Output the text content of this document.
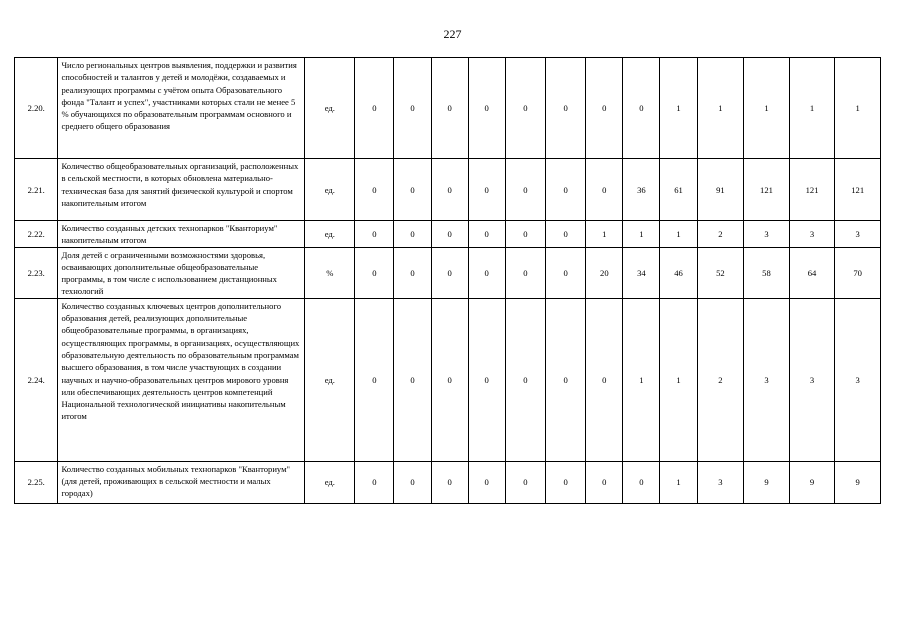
227
2.20.	Число региональных центров выявления, поддержки и развития способностей и талантов у детей и молодёжи, создаваемых и реализующих программы с учётом опыта Образовательного фонда "Талант и успех", участниками которых стали не менее 5 % обучающихся по образовательным программам основного и среднего общего образования	ед.	0	0	0	0	0	0	0	0	1	1	1	1	1
2.21.	Количество общеобразовательных организаций, расположенных в сельской местности, в которых обновлена материально-техническая база для занятий физической культурой и спортом накопительным итогом	ед.	0	0	0	0	0	0	0	36	61	91	121	121	121
2.22.	Количество созданных детских технопарков "Кванториум" накопительным итогом	ед.	0	0	0	0	0	0	1	1	1	2	3	3	3
2.23.	Доля детей с ограниченными возможностями здоровья, осваивающих дополнительные общеобразовательные программы, в том числе с использованием дистанционных технологий	%	0	0	0	0	0	0	20	34	46	52	58	64	70
2.24.	Количество созданных ключевых центров дополнительного образования детей, реализующих дополнительные общеобразовательные программы, в организациях, осуществляющих программы, в организациях, осуществляющих образовательную деятельность по образовательным программам высшего образования, в том числе участвующих в создании научных и научно-образовательных центров мирового уровня или обеспечивающих деятельность центров компетенций Национальной технологической инициативы накопительным итогом	ед.	0	0	0	0	0	0	0	1	1	2	3	3	3
2.25.	Количество созданных мобильных технопарков "Кванториум" (для детей, проживающих в сельской местности и малых городах)	ед.	0	0	0	0	0	0	0	0	1	3	9	9	9
